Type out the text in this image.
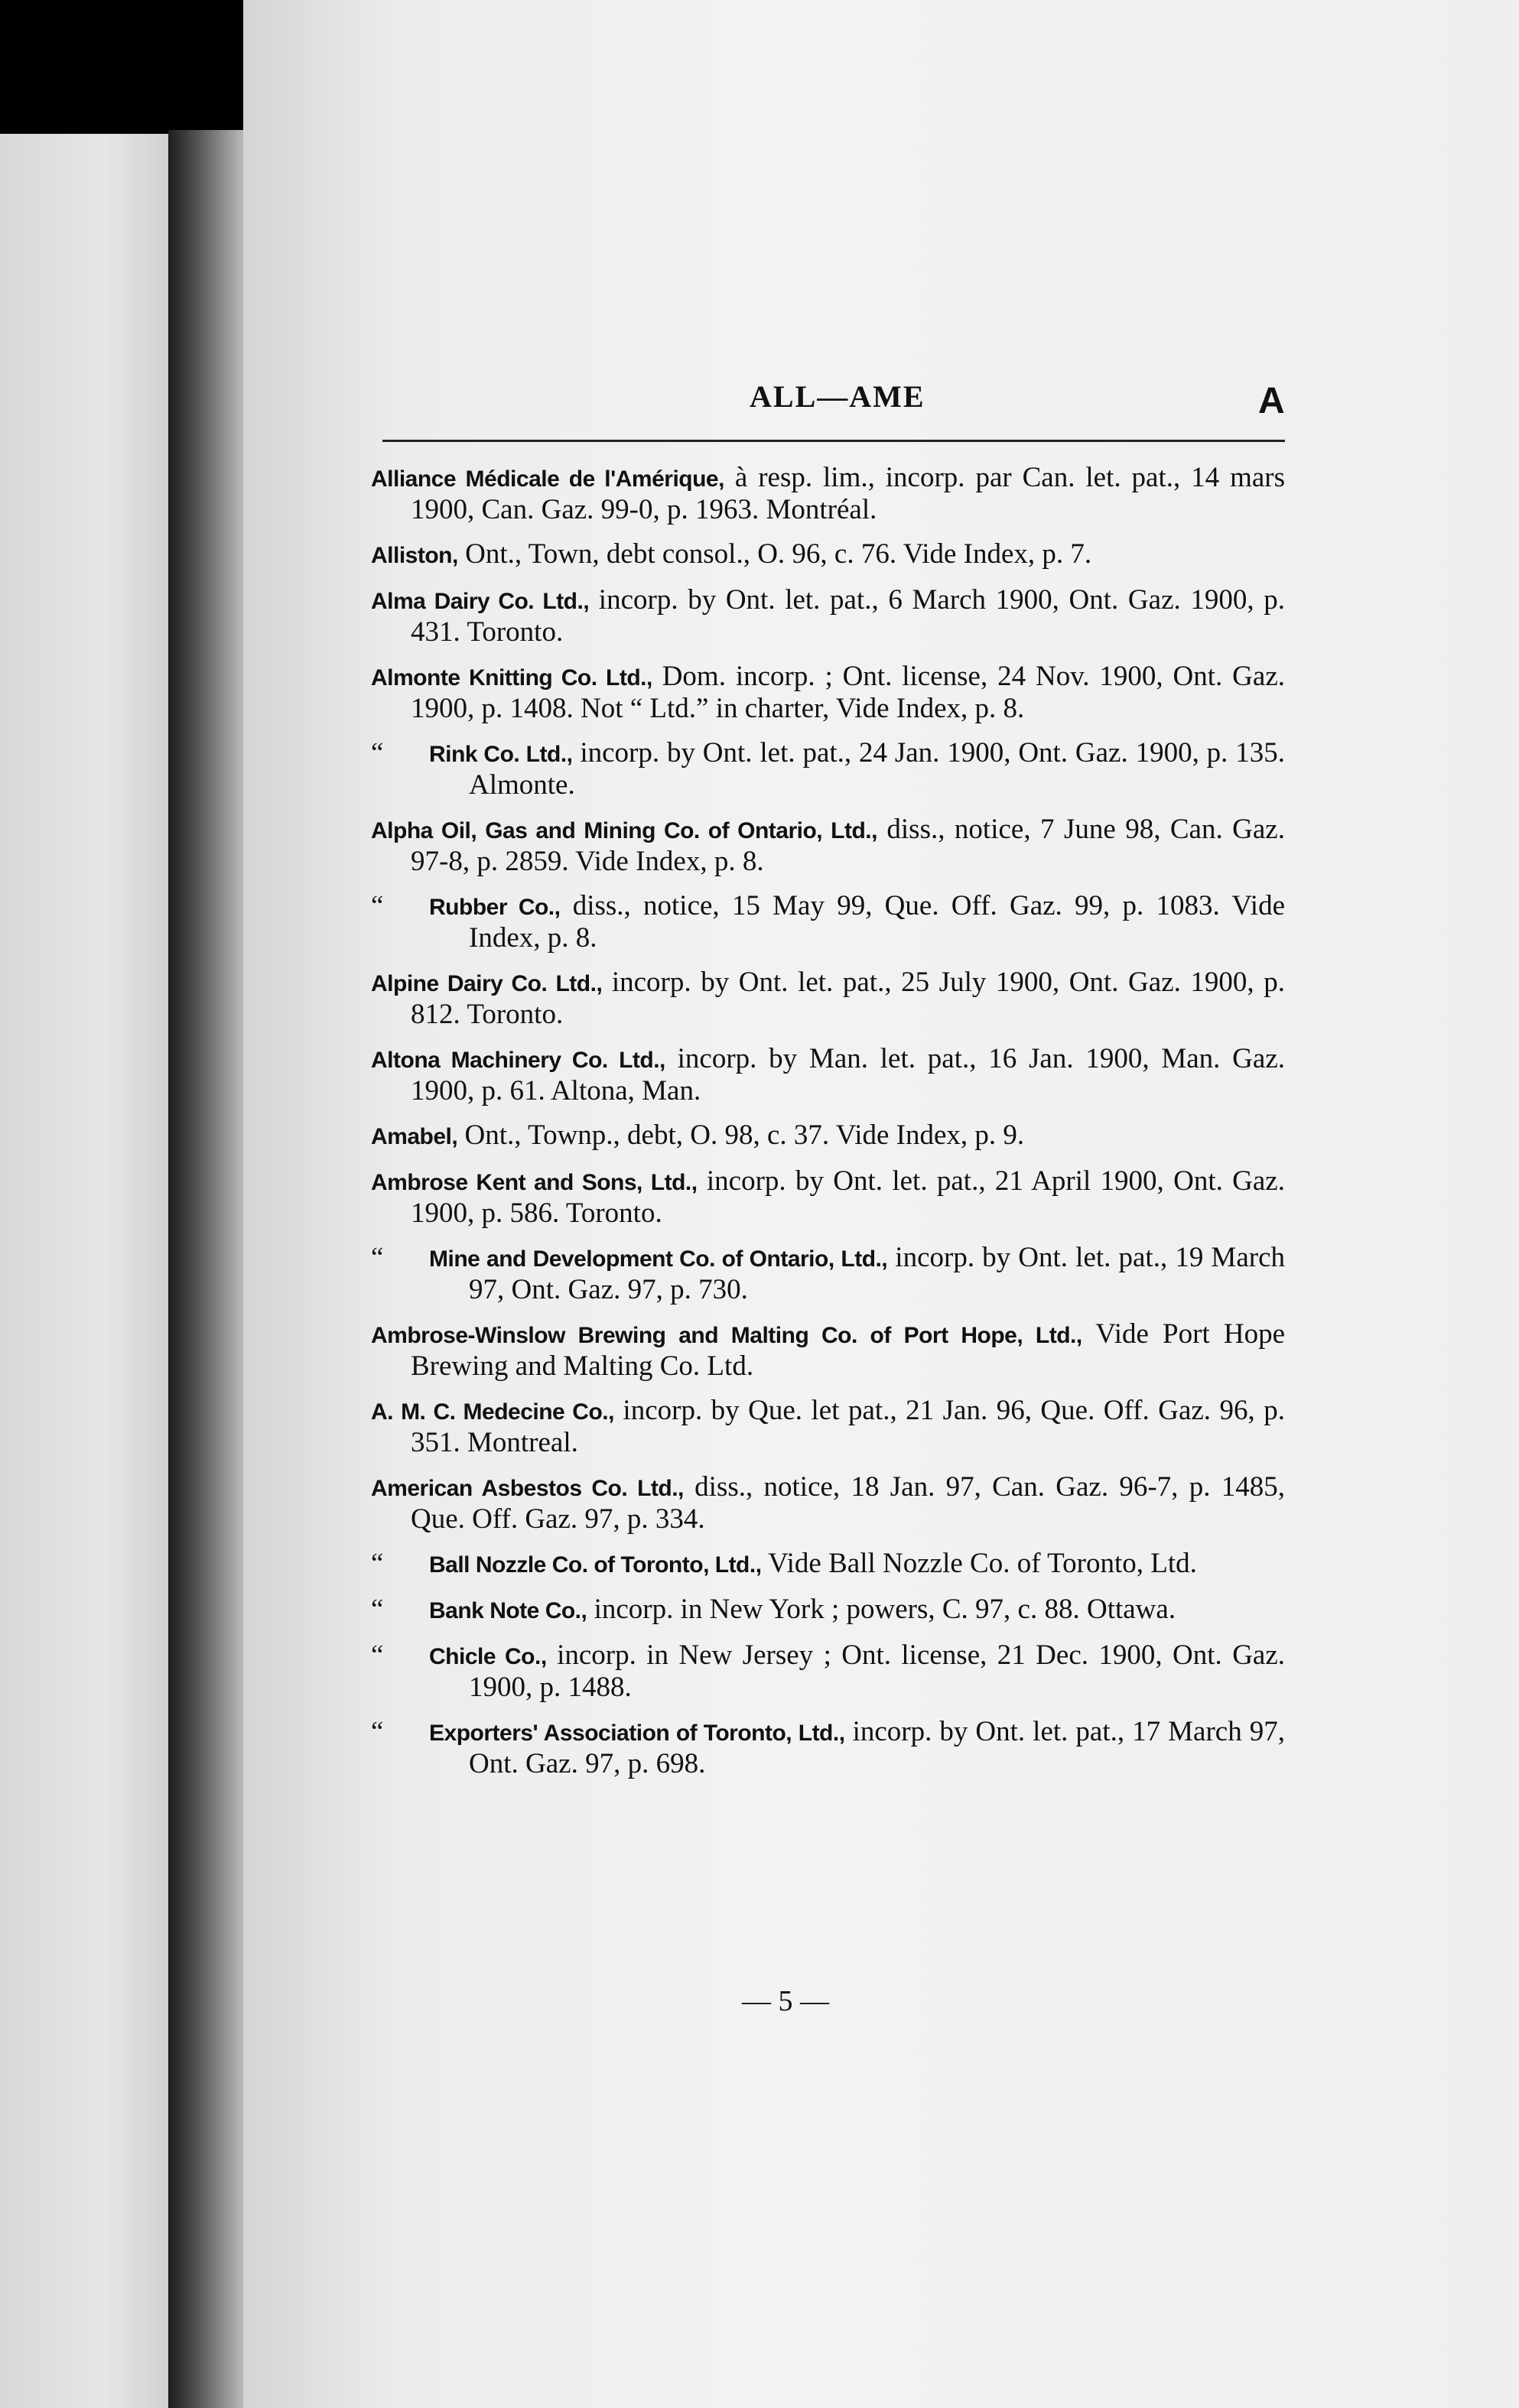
ALL—AME	A

Alliance Médicale de l'Amérique, à resp. lim., incorp. par Can. let. pat., 14 mars 1900, Can. Gaz. 99-0, p. 1963. Montréal.

Alliston, Ont., Town, debt consol., O. 96, c. 76. Vide Index, p. 7.

Alma Dairy Co. Ltd., incorp. by Ont. let. pat., 6 March 1900, Ont. Gaz. 1900, p. 431. Toronto.

Almonte Knitting Co. Ltd., Dom. incorp. ; Ont. license, 24 Nov. 1900, Ont. Gaz. 1900, p. 1408. Not “ Ltd.” in charter, Vide Index, p. 8.

“ Rink Co. Ltd., incorp. by Ont. let. pat., 24 Jan. 1900, Ont. Gaz. 1900, p. 135. Almonte.

Alpha Oil, Gas and Mining Co. of Ontario, Ltd., diss., notice, 7 June 98, Can. Gaz. 97-8, p. 2859. Vide Index, p. 8.

“ Rubber Co., diss., notice, 15 May 99, Que. Off. Gaz. 99, p. 1083. Vide Index, p. 8.

Alpine Dairy Co. Ltd., incorp. by Ont. let. pat., 25 July 1900, Ont. Gaz. 1900, p. 812. Toronto.

Altona Machinery Co. Ltd., incorp. by Man. let. pat., 16 Jan. 1900, Man. Gaz. 1900, p. 61. Altona, Man.

Amabel, Ont., Townp., debt, O. 98, c. 37. Vide Index, p. 9.

Ambrose Kent and Sons, Ltd., incorp. by Ont. let. pat., 21 April 1900, Ont. Gaz. 1900, p. 586. Toronto.

“ Mine and Development Co. of Ontario, Ltd., incorp. by Ont. let. pat., 19 March 97, Ont. Gaz. 97, p. 730.

Ambrose-Winslow Brewing and Malting Co. of Port Hope, Ltd., Vide Port Hope Brewing and Malting Co. Ltd.

A. M. C. Medecine Co., incorp. by Que. let pat., 21 Jan. 96, Que. Off. Gaz. 96, p. 351. Montreal.

American Asbestos Co. Ltd., diss., notice, 18 Jan. 97, Can. Gaz. 96-7, p. 1485, Que. Off. Gaz. 97, p. 334.

“ Ball Nozzle Co. of Toronto, Ltd., Vide Ball Nozzle Co. of Toronto, Ltd.

“ Bank Note Co., incorp. in New York ; powers, C. 97, c. 88. Ottawa.

“ Chicle Co., incorp. in New Jersey ; Ont. license, 21 Dec. 1900, Ont. Gaz. 1900, p. 1488.

“ Exporters' Association of Toronto, Ltd., incorp. by Ont. let. pat., 17 March 97, Ont. Gaz. 97, p. 698.

— 5 —
